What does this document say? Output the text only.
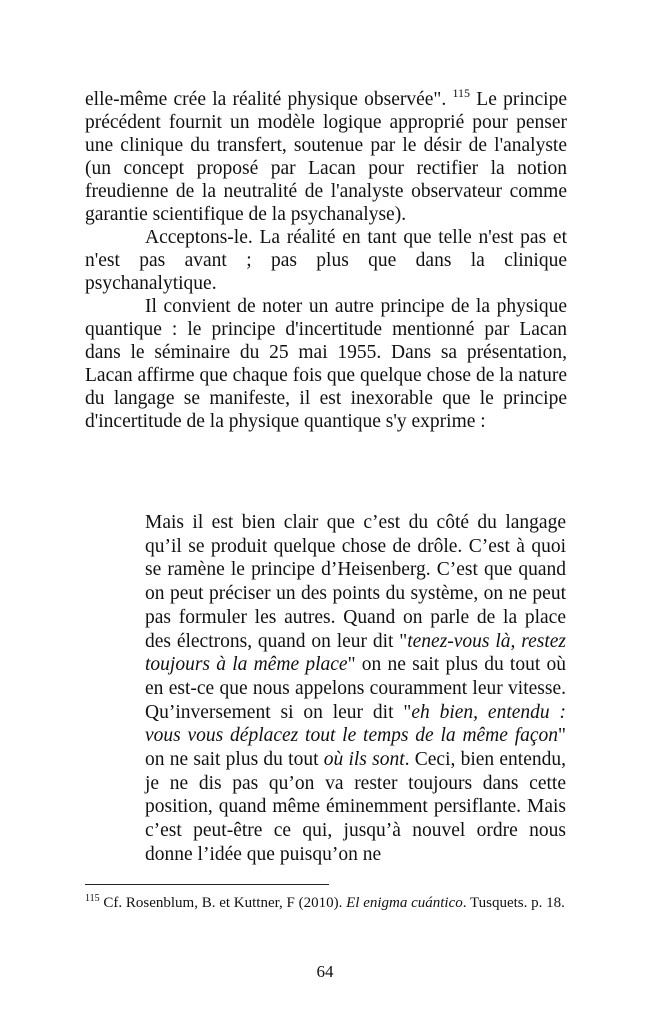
elle-même crée la réalité physique observée". $^{115}$ Le principe précédent fournit un modèle logique approprié pour penser une clinique du transfert, soutenue par le désir de l'analyste (un concept proposé par Lacan pour rectifier la notion freudienne de la neutralité de l'analyste observateur comme garantie scientifique de la psychanalyse).

Acceptons-le. La réalité en tant que telle n'est pas et n'est pas avant ; pas plus que dans la clinique psychanalytique.

Il convient de noter un autre principe de la physique quantique : le principe d'incertitude mentionné par Lacan dans le séminaire du 25 mai 1955. Dans sa présentation, Lacan affirme que chaque fois que quelque chose de la nature du langage se manifeste, il est inexorable que le principe d'incertitude de la physique quantique s'y exprime :

Mais il est bien clair que c’est du côté du langage qu’il se produit quelque chose de drôle. C’est à quoi se ramène le principe d’Heisenberg. C’est que quand on peut préciser un des points du système, on ne peut pas formuler les autres. Quand on parle de la place des électrons, quand on leur dit "tenez-vous là, restez toujours à la même place" on ne sait plus du tout où en est-ce que nous appelons couramment leur vitesse. Qu’inversement si on leur dit "eh bien, entendu : vous vous déplacez tout le temps de la même façon" on ne sait plus du tout où ils sont. Ceci, bien entendu, je ne dis pas qu’on va rester toujours dans cette position, quand même éminemment persiflante. Mais c’est peut-être ce qui, jusqu’à nouvel ordre nous donne l’idée que puisqu’on ne

$^{115}$ Cf. Rosenblum, B. et Kuttner, F (2010). El enigma cuántico. Tusquets. p. 18.

64
